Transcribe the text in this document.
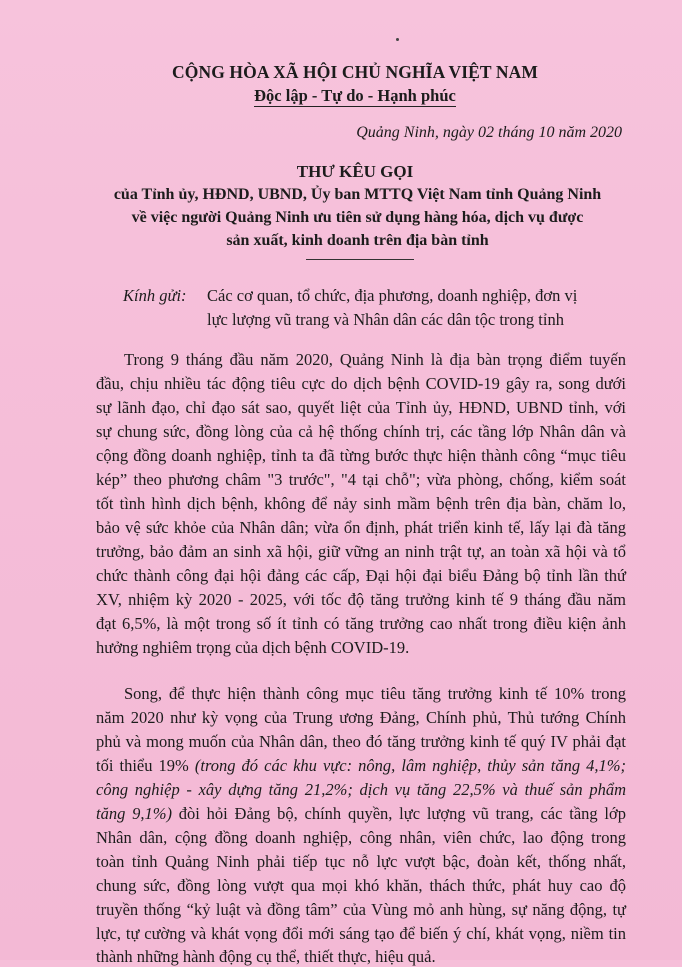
CỘNG HÒA XÃ HỘI CHỦ NGHĨA VIỆT NAM
Độc lập - Tự do - Hạnh phúc
Quảng Ninh, ngày 02 tháng 10 năm 2020
THƯ KÊU GỌI
của Tỉnh ủy, HĐND, UBND, Ủy ban MTTQ Việt Nam tỉnh Quảng Ninh
về việc người Quảng Ninh ưu tiên sử dụng hàng hóa, dịch vụ được
sản xuất, kinh doanh trên địa bàn tỉnh
Kính gửi: Các cơ quan, tổ chức, địa phương, doanh nghiệp, đơn vị
lực lượng vũ trang và Nhân dân các dân tộc trong tỉnh
Trong 9 tháng đầu năm 2020, Quảng Ninh là địa bàn trọng điểm tuyến
đầu, chịu nhiều tác động tiêu cực do dịch bệnh COVID-19 gây ra, song dưới
sự lãnh đạo, chỉ đạo sát sao, quyết liệt của Tỉnh ủy, HĐND, UBND tỉnh, với
sự chung sức, đồng lòng của cả hệ thống chính trị, các tầng lớp Nhân dân và
cộng đồng doanh nghiệp, tỉnh ta đã từng bước thực hiện thành công “mục tiêu
kép” theo phương châm "3 trước", "4 tại chỗ"; vừa phòng, chống, kiểm soát
tốt tình hình dịch bệnh, không để nảy sinh mầm bệnh trên địa bàn, chăm lo,
bảo vệ sức khỏe của Nhân dân; vừa ổn định, phát triển kinh tế, lấy lại đà tăng
trưởng, bảo đảm an sinh xã hội, giữ vững an ninh trật tự, an toàn xã hội và tổ
chức thành công đại hội đảng các cấp, Đại hội đại biểu Đảng bộ tỉnh lần thứ
XV, nhiệm kỳ 2020 - 2025, với tốc độ tăng trưởng kinh tế 9 tháng đầu năm
đạt 6,5%, là một trong số ít tỉnh có tăng trưởng cao nhất trong điều kiện ảnh
hưởng nghiêm trọng của dịch bệnh COVID-19.
Song, để thực hiện thành công mục tiêu tăng trưởng kinh tế 10% trong
năm 2020 như kỳ vọng của Trung ương Đảng, Chính phủ, Thủ tướng Chính
phủ và mong muốn của Nhân dân, theo đó tăng trưởng kinh tế quý IV phải đạt
tối thiểu 19% (trong đó các khu vực: nông, lâm nghiệp, thủy sản tăng 4,1%;
công nghiệp - xây dựng tăng 21,2%; dịch vụ tăng 22,5% và thuế sản phẩm
tăng 9,1%) đòi hỏi Đảng bộ, chính quyền, lực lượng vũ trang, các tầng lớp
Nhân dân, cộng đồng doanh nghiệp, công nhân, viên chức, lao động trong
toàn tỉnh Quảng Ninh phải tiếp tục nỗ lực vượt bậc, đoàn kết, thống nhất,
chung sức, đồng lòng vượt qua mọi khó khăn, thách thức, phát huy cao độ
truyền thống “kỷ luật và đồng tâm” của Vùng mỏ anh hùng, sự năng động, tự
lực, tự cường và khát vọng đổi mới sáng tạo để biến ý chí, khát vọng, niềm tin
thành những hành động cụ thể, thiết thực, hiệu quả.
